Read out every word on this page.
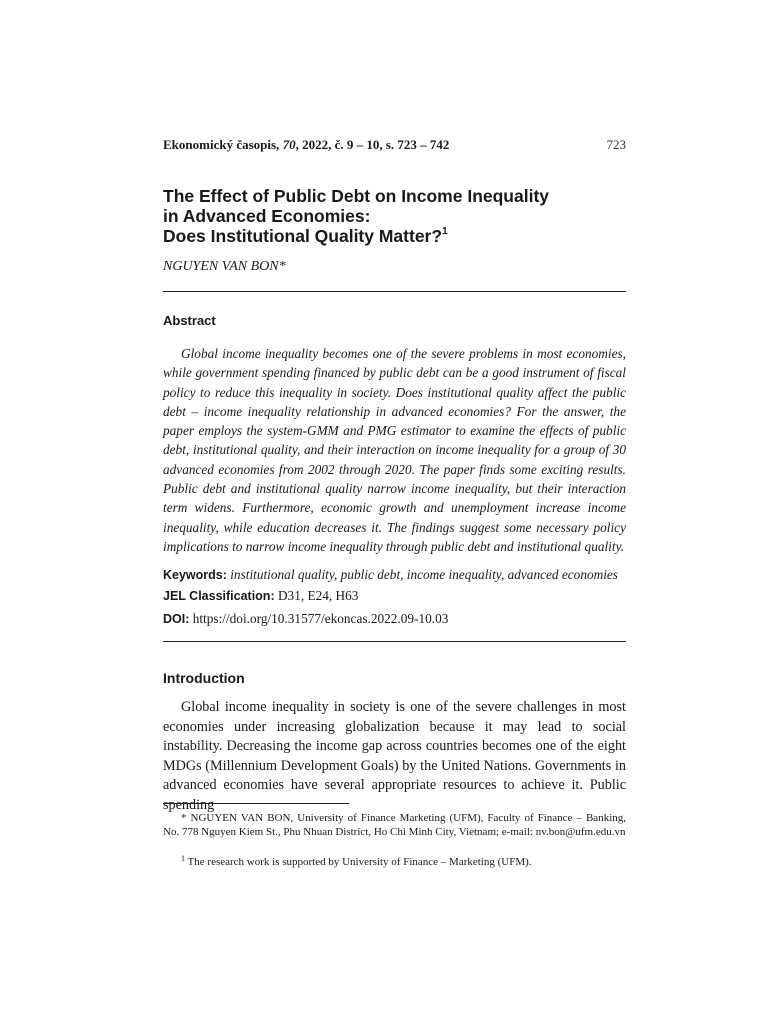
Ekonomický časopis, 70, 2022, č. 9 – 10, s. 723 – 742	723
The Effect of Public Debt on Income Inequality
in Advanced Economies:
Does Institutional Quality Matter?$^1$
NGUYEN VAN BON*
Abstract

Global income inequality becomes one of the severe problems in most economies, while government spending financed by public debt can be a good instrument of fiscal policy to reduce this inequality in society. Does institutional quality affect the public debt – income inequality relationship in advanced economies? For the answer, the paper employs the system-GMM and PMG estimator to examine the effects of public debt, institutional quality, and their interaction on income inequality for a group of 30 advanced economies from 2002 through 2020. The paper finds some exciting results. Public debt and institutional quality narrow income inequality, but their interaction term widens. Furthermore, economic growth and unemployment increase income inequality, while education decreases it. The findings suggest some necessary policy implications to narrow income inequality through public debt and institutional quality.

Keywords: institutional quality, public debt, income inequality, advanced economies
JEL Classification: D31, E24, H63
DOI: https://doi.org/10.31577/ekoncas.2022.09-10.03
Introduction

Global income inequality in society is one of the severe challenges in most economies under increasing globalization because it may lead to social instability. Decreasing the income gap across countries becomes one of the eight MDGs (Millennium Development Goals) by the United Nations. Governments in advanced economies have several appropriate resources to achieve it. Public spending

* NGUYEN VAN BON, University of Finance Marketing (UFM), Faculty of Finance – Banking, No. 778 Nguyen Kiem St., Phu Nhuan District, Ho Chi Minh City, Vietnam; e-mail: nv.bon@ufm.edu.vn

$^1$ The research work is supported by University of Finance – Marketing (UFM).
